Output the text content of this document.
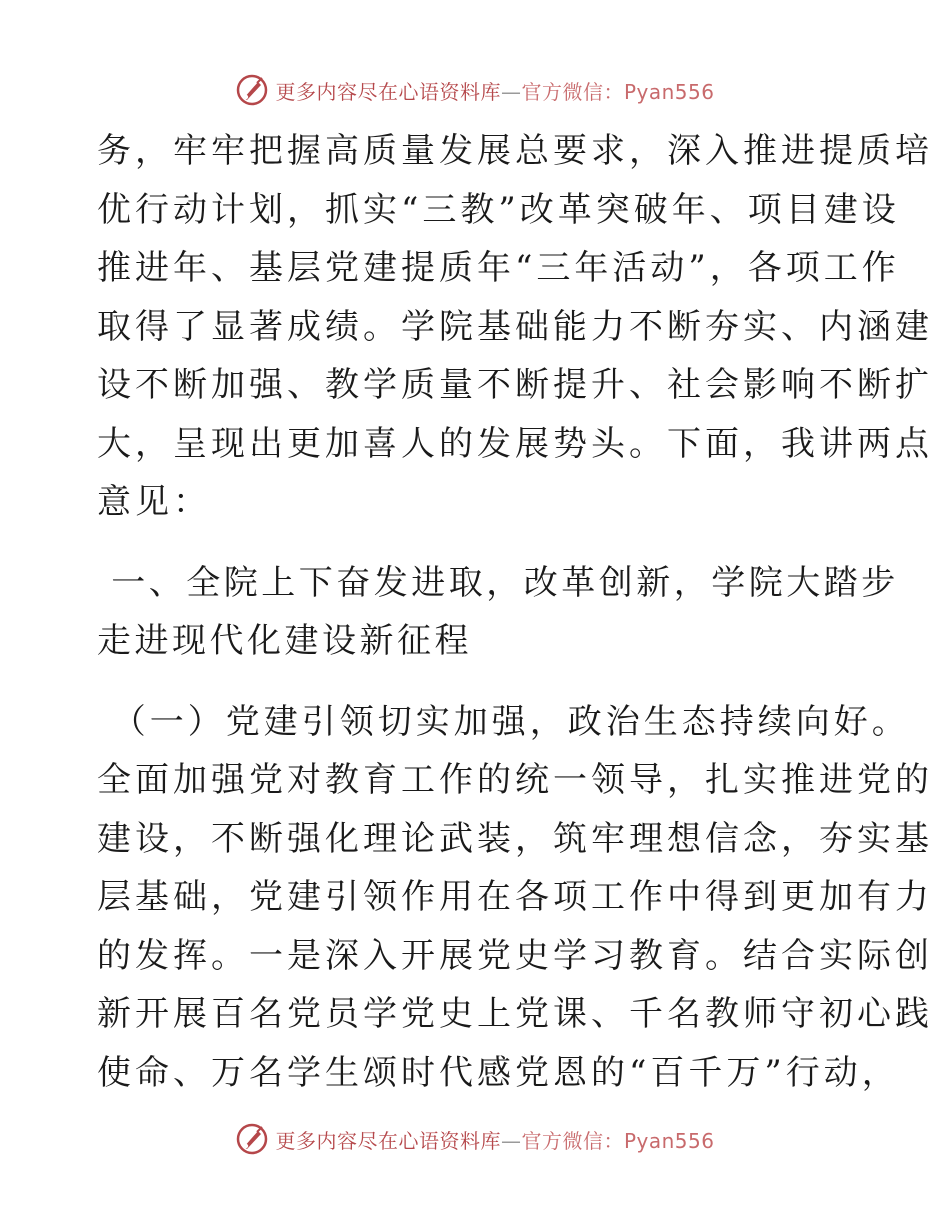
更多内容尽在心语资料库—官方微信：Pyan556
务，牢牢把握高质量发展总要求，深入推进提质培
优行动计划，抓实“三教”改革突破年、项目建设
推进年、基层党建提质年“三年活动”，各项工作
取得了显著成绩。学院基础能力不断夯实、内涵建
设不断加强、教学质量不断提升、社会影响不断扩
大，呈现出更加喜人的发展势头。下面，我讲两点
意见：
一、全院上下奋发进取，改革创新，学院大踏步
走进现代化建设新征程
（一）党建引领切实加强，政治生态持续向好。
全面加强党对教育工作的统一领导，扎实推进党的
建设，不断强化理论武装，筑牢理想信念，夯实基
层基础，党建引领作用在各项工作中得到更加有力
的发挥。一是深入开展党史学习教育。结合实际创
新开展百名党员学党史上党课、千名教师守初心践
使命、万名学生颂时代感党恩的“百千万”行动，
更多内容尽在心语资料库—官方微信：Pyan556
